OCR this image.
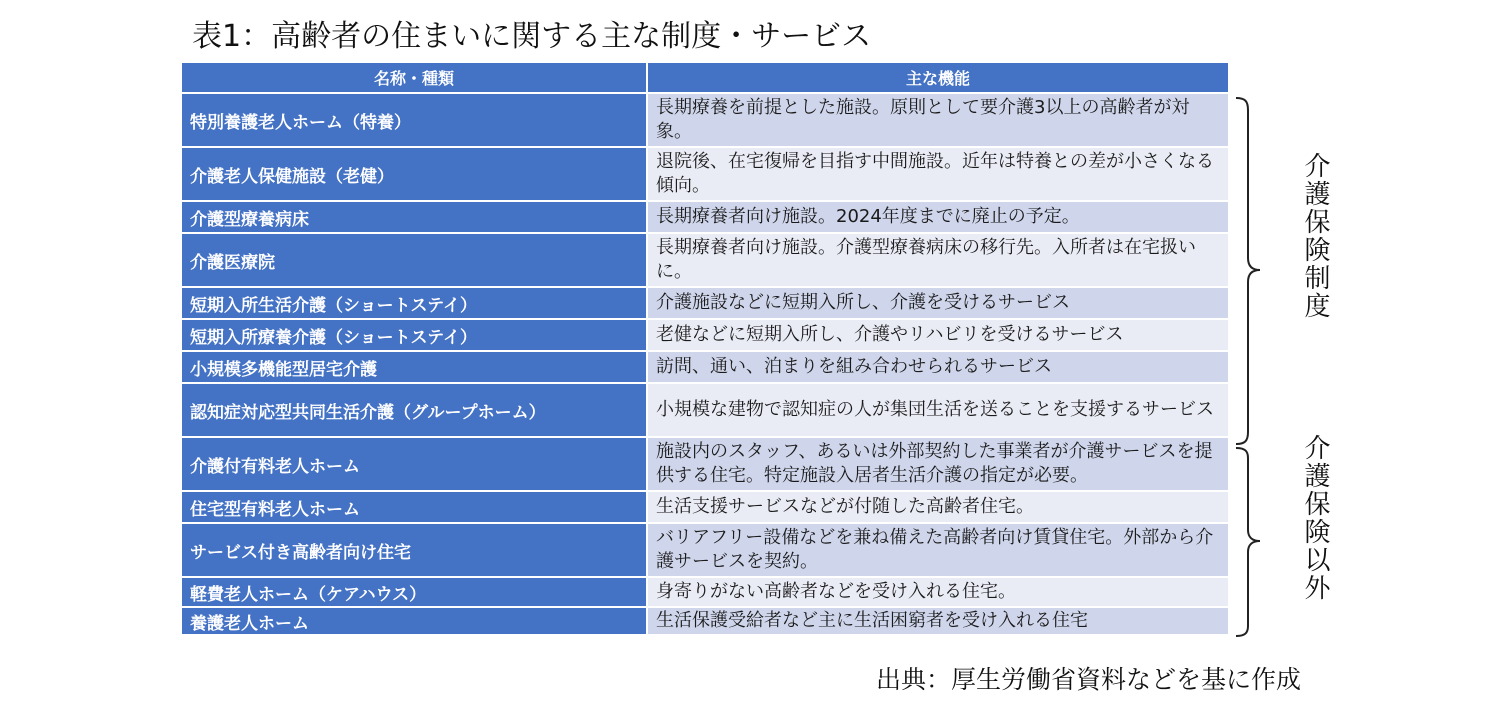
表1：高齢者の住まいに関する主な制度・サービス
名称・種類	主な機能
特別養護老人ホーム（特養）	長期療養を前提とした施設。原則として要介護3以上の高齢者が対象。
介護老人保健施設（老健）	退院後、在宅復帰を目指す中間施設。近年は特養との差が小さくなる傾向。
介護型療養病床	長期療養者向け施設。2024年度までに廃止の予定。
介護医療院	長期療養者向け施設。介護型療養病床の移行先。入所者は在宅扱いに。
短期入所生活介護（ショートステイ）	介護施設などに短期入所し、介護を受けるサービス
短期入所療養介護（ショートステイ）	老健などに短期入所し、介護やリハビリを受けるサービス
小規模多機能型居宅介護	訪問、通い、泊まりを組み合わせられるサービス
認知症対応型共同生活介護（グループホーム）	小規模な建物で認知症の人が集団生活を送ることを支援するサービス
介護付有料老人ホーム	施設内のスタッフ、あるいは外部契約した事業者が介護サービスを提供する住宅。特定施設入居者生活介護の指定が必要。
住宅型有料老人ホーム	生活支援サービスなどが付随した高齢者住宅。
サービス付き高齢者向け住宅	バリアフリー設備などを兼ね備えた高齢者向け賃貸住宅。外部から介護サービスを契約。
軽費老人ホーム（ケアハウス）	身寄りがない高齢者などを受け入れる住宅。
養護老人ホーム	生活保護受給者など主に生活困窮者を受け入れる住宅
介護保険制度
介護保険以外
出典：厚生労働省資料などを基に作成
